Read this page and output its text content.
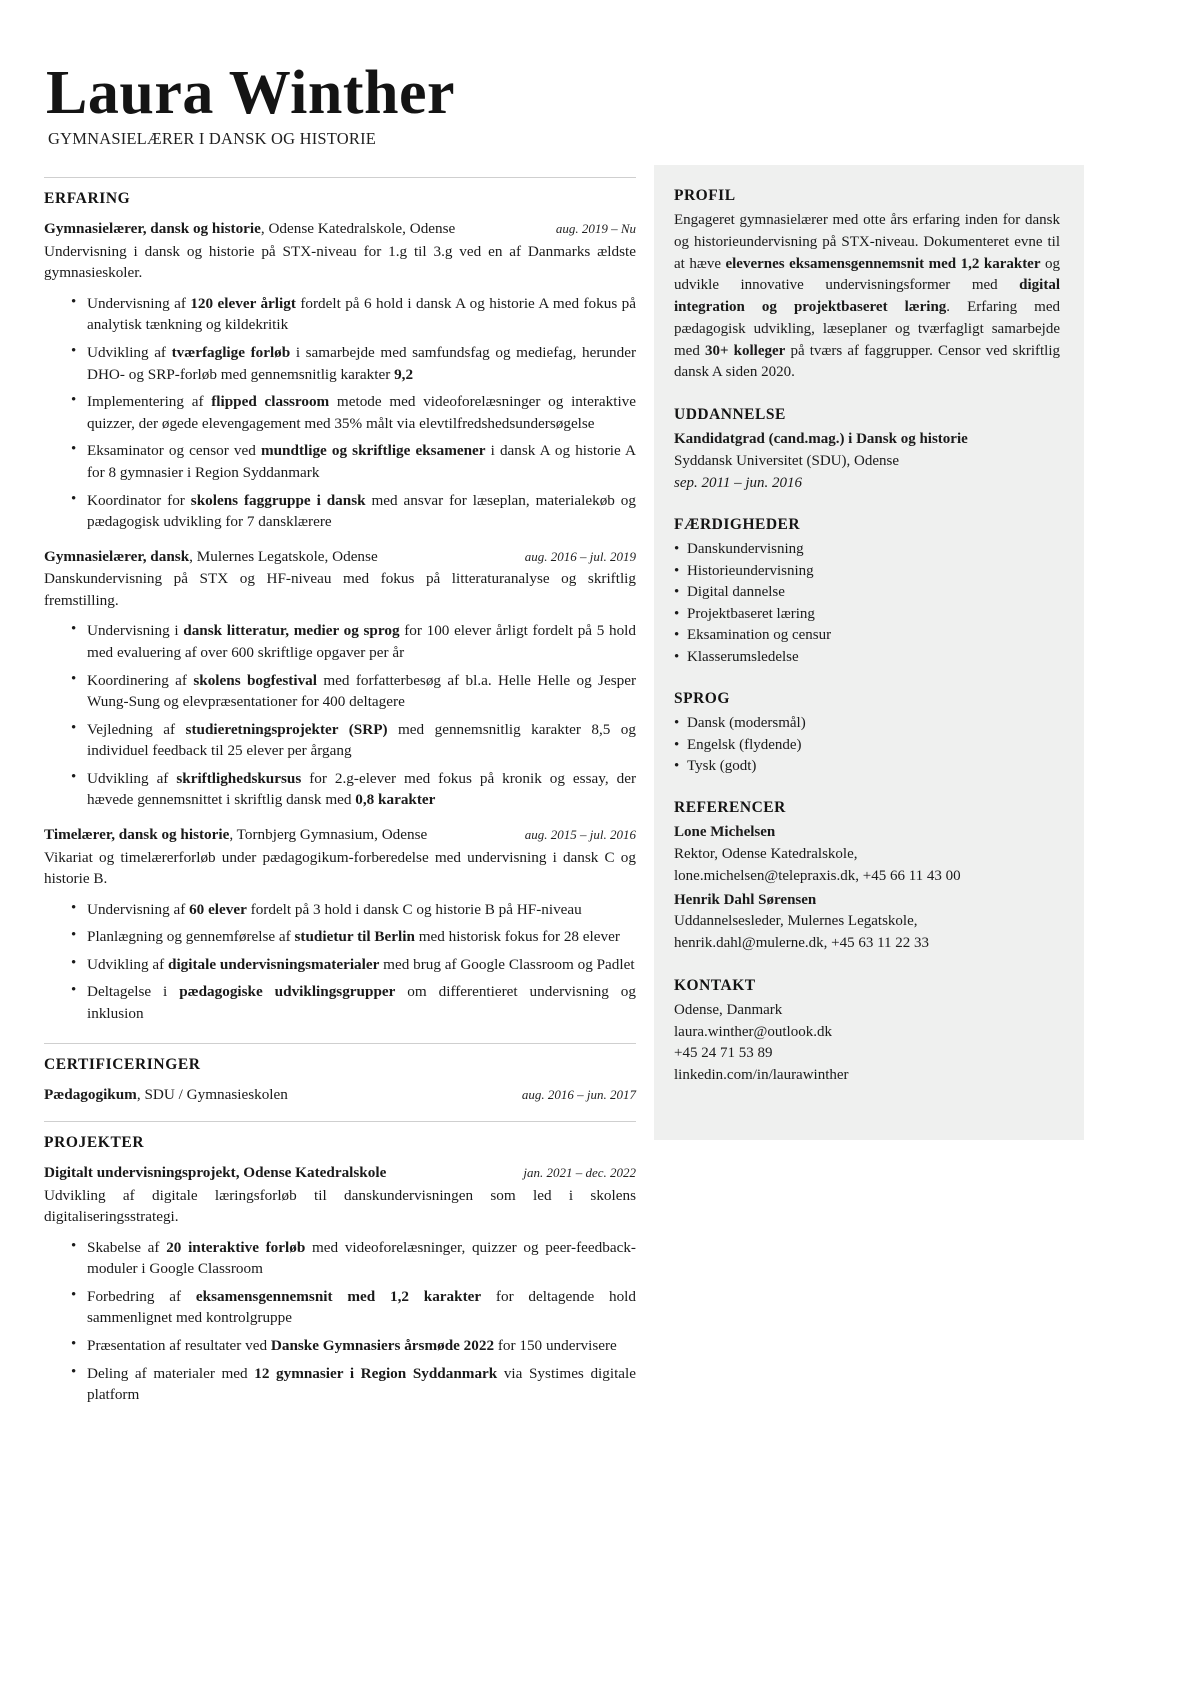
Laura Winther
GYMNASIELÆRER I DANSK OG HISTORIE
ERFARING
Gymnasielærer, dansk og historie, Odense Katedralskole, Odense	aug. 2019 – Nu
Undervisning i dansk og historie på STX-niveau for 1.g til 3.g ved en af Danmarks ældste gymnasieskoler.
• Undervisning af 120 elever årligt fordelt på 6 hold i dansk A og historie A med fokus på analytisk tænkning og kildekritik
• Udvikling af tværfaglige forløb i samarbejde med samfundsfag og mediefag, herunder DHO- og SRP-forløb med gennemsnitlig karakter 9,2
• Implementering af flipped classroom metode med videoforelæsninger og interaktive quizzer, der øgede elevengagement med 35% målt via elevtilfredshedsundersøgelse
• Eksaminator og censor ved mundtlige og skriftlige eksamener i dansk A og historie A for 8 gymnasier i Region Syddanmark
• Koordinator for skolens faggruppe i dansk med ansvar for læseplan, materialekøb og pædagogisk udvikling for 7 dansklærere
Gymnasielærer, dansk, Mulernes Legatskole, Odense	aug. 2016 – jul. 2019
Danskundervisning på STX og HF-niveau med fokus på litteraturanalyse og skriftlig fremstilling.
• Undervisning i dansk litteratur, medier og sprog for 100 elever årligt fordelt på 5 hold med evaluering af over 600 skriftlige opgaver per år
• Koordinering af skolens bogfestival med forfatterbesøg af bl.a. Helle Helle og Jesper Wung-Sung og elevpræsentationer for 400 deltagere
• Vejledning af studieretningsprojekter (SRP) med gennemsnitlig karakter 8,5 og individuel feedback til 25 elever per årgang
• Udvikling af skriftlighedskursus for 2.g-elever med fokus på kronik og essay, der hævede gennemsnittet i skriftlig dansk med 0,8 karakter
Timelærer, dansk og historie, Tornbjerg Gymnasium, Odense	aug. 2015 – jul. 2016
Vikariat og timelærerforløb under pædagogikum-forberedelse med undervisning i dansk C og historie B.
• Undervisning af 60 elever fordelt på 3 hold i dansk C og historie B på HF-niveau
• Planlægning og gennemførelse af studietur til Berlin med historisk fokus for 28 elever
• Udvikling af digitale undervisningsmaterialer med brug af Google Classroom og Padlet
• Deltagelse i pædagogiske udviklingsgrupper om differentieret undervisning og inklusion
CERTIFICERINGER
Pædagogikum, SDU / Gymnasieskolen	aug. 2016 – jun. 2017
PROJEKTER
Digitalt undervisningsprojekt, Odense Katedralskole	jan. 2021 – dec. 2022
Udvikling af digitale læringsforløb til danskundervisningen som led i skolens digitaliseringsstrategi.
• Skabelse af 20 interaktive forløb med videoforelæsninger, quizzer og peer-feedback-moduler i Google Classroom
• Forbedring af eksamensgennemsnit med 1,2 karakter for deltagende hold sammenlignet med kontrolgruppe
• Præsentation af resultater ved Danske Gymnasiers årsmøde 2022 for 150 undervisere
• Deling af materialer med 12 gymnasier i Region Syddanmark via Systimes digitale platform
PROFIL

Engageret gymnasielærer med otte års erfaring inden for dansk og historieundervisning på STX-niveau. Dokumenteret evne til at hæve elevernes eksamensgennemsnit med 1,2 karakter og udvikle innovative undervisningsformer med digital integration og projektbaseret læring. Erfaring med pædagogisk udvikling, læseplaner og tværfagligt samarbejde med 30+ kolleger på tværs af faggrupper. Censor ved skriftlig dansk A siden 2020.

UDDANNELSE

Kandidatgrad (cand.mag.) i Dansk og historie

Syddansk Universitet (SDU), Odense

sep. 2011 – jun. 2016

FÆRDIGHEDER
• Danskundervisning
• Historieundervisning
• Digital dannelse
• Projektbaseret læring
• Eksamination og censur
• Klasserumsledelse
SPROG
• Dansk (modersmål)
• Engelsk (flydende)
• Tysk (godt)
REFERENCER

Lone Michelsen

Rektor, Odense Katedralskole,

lone.michelsen@telepraxis.dk, +45 66 11 43 00

Henrik Dahl Sørensen

Uddannelsesleder, Mulernes Legatskole,

henrik.dahl@mulerne.dk, +45 63 11 22 33

KONTAKT

Odense, Danmark

laura.winther@outlook.dk

+45 24 71 53 89

linkedin.com/in/laurawinther
